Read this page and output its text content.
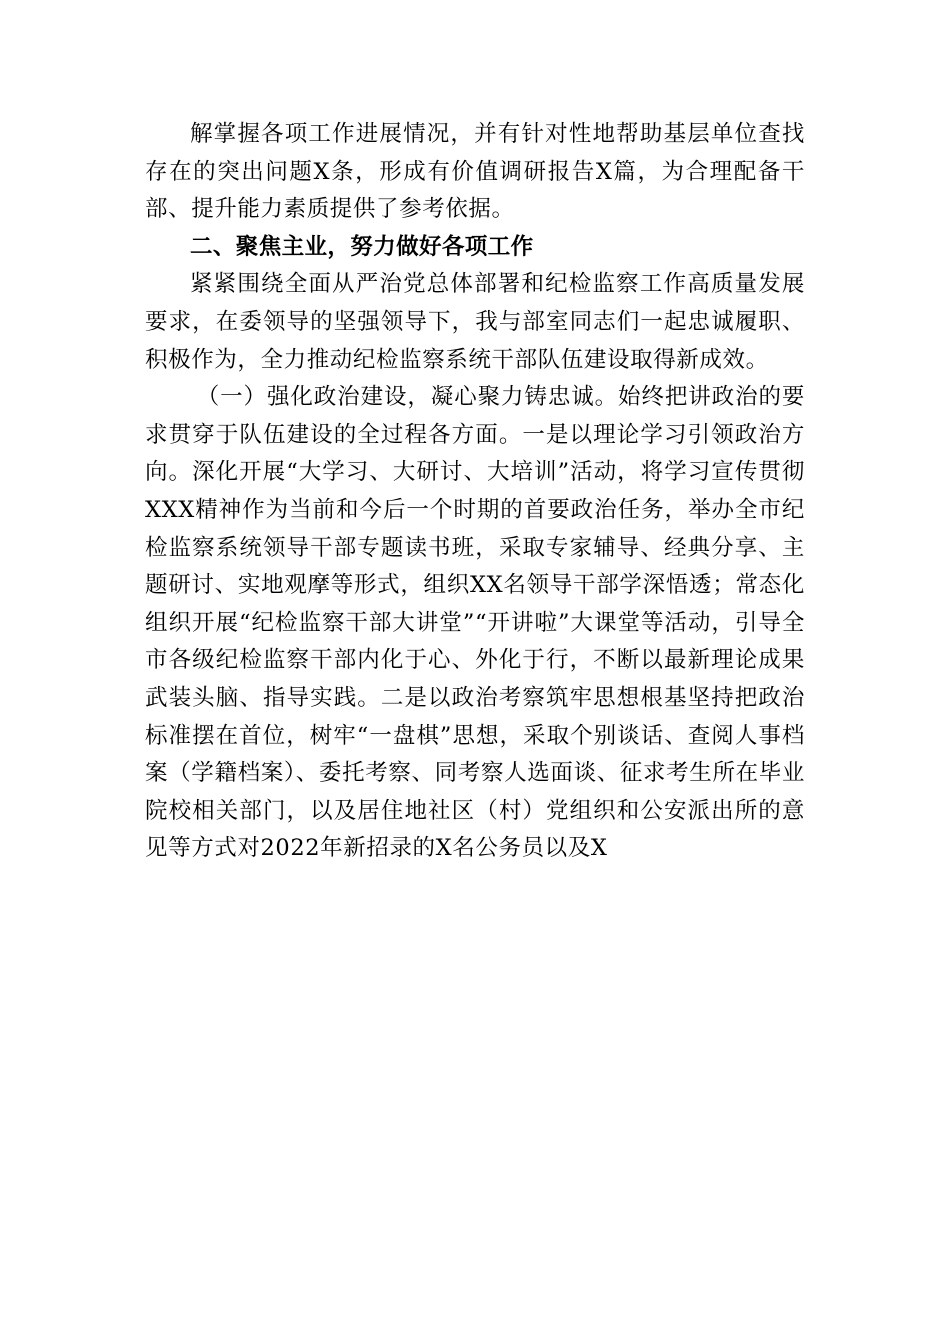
解掌握各项工作进展情况，并有针对性地帮助基层单位查找存在的突出问题X条，形成有价值调研报告X篇，为合理配备干部、提升能力素质提供了参考依据。

二、聚焦主业，努力做好各项工作

紧紧围绕全面从严治党总体部署和纪检监察工作高质量发展要求，在委领导的坚强领导下，我与部室同志们一起忠诚履职、积极作为，全力推动纪检监察系统干部队伍建设取得新成效。

（一）强化政治建设，凝心聚力铸忠诚。始终把讲政治的要求贯穿于队伍建设的全过程各方面。一是以理论学习引领政治方向。深化开展“大学习、大研讨、大培训”活动，将学习宣传贯彻XXX精神作为当前和今后一个时期的首要政治任务，举办全市纪检监察系统领导干部专题读书班，采取专家辅导、经典分享、主题研讨、实地观摩等形式，组织XX名领导干部学深悟透；常态化组织开展“纪检监察干部大讲堂”“开讲啦”大课堂等活动，引导全市各级纪检监察干部内化于心、外化于行，不断以最新理论成果武装头脑、指导实践。二是以政治考察筑牢思想根基坚持把政治标准摆在首位，树牢“一盘棋”思想，采取个别谈话、查阅人事档案（学籍档案）、委托考察、同考察人选面谈、征求考生所在毕业院校相关部门，以及居住地社区（村）党组织和公安派出所的意见等方式对2022年新招录的X名公务员以及X
